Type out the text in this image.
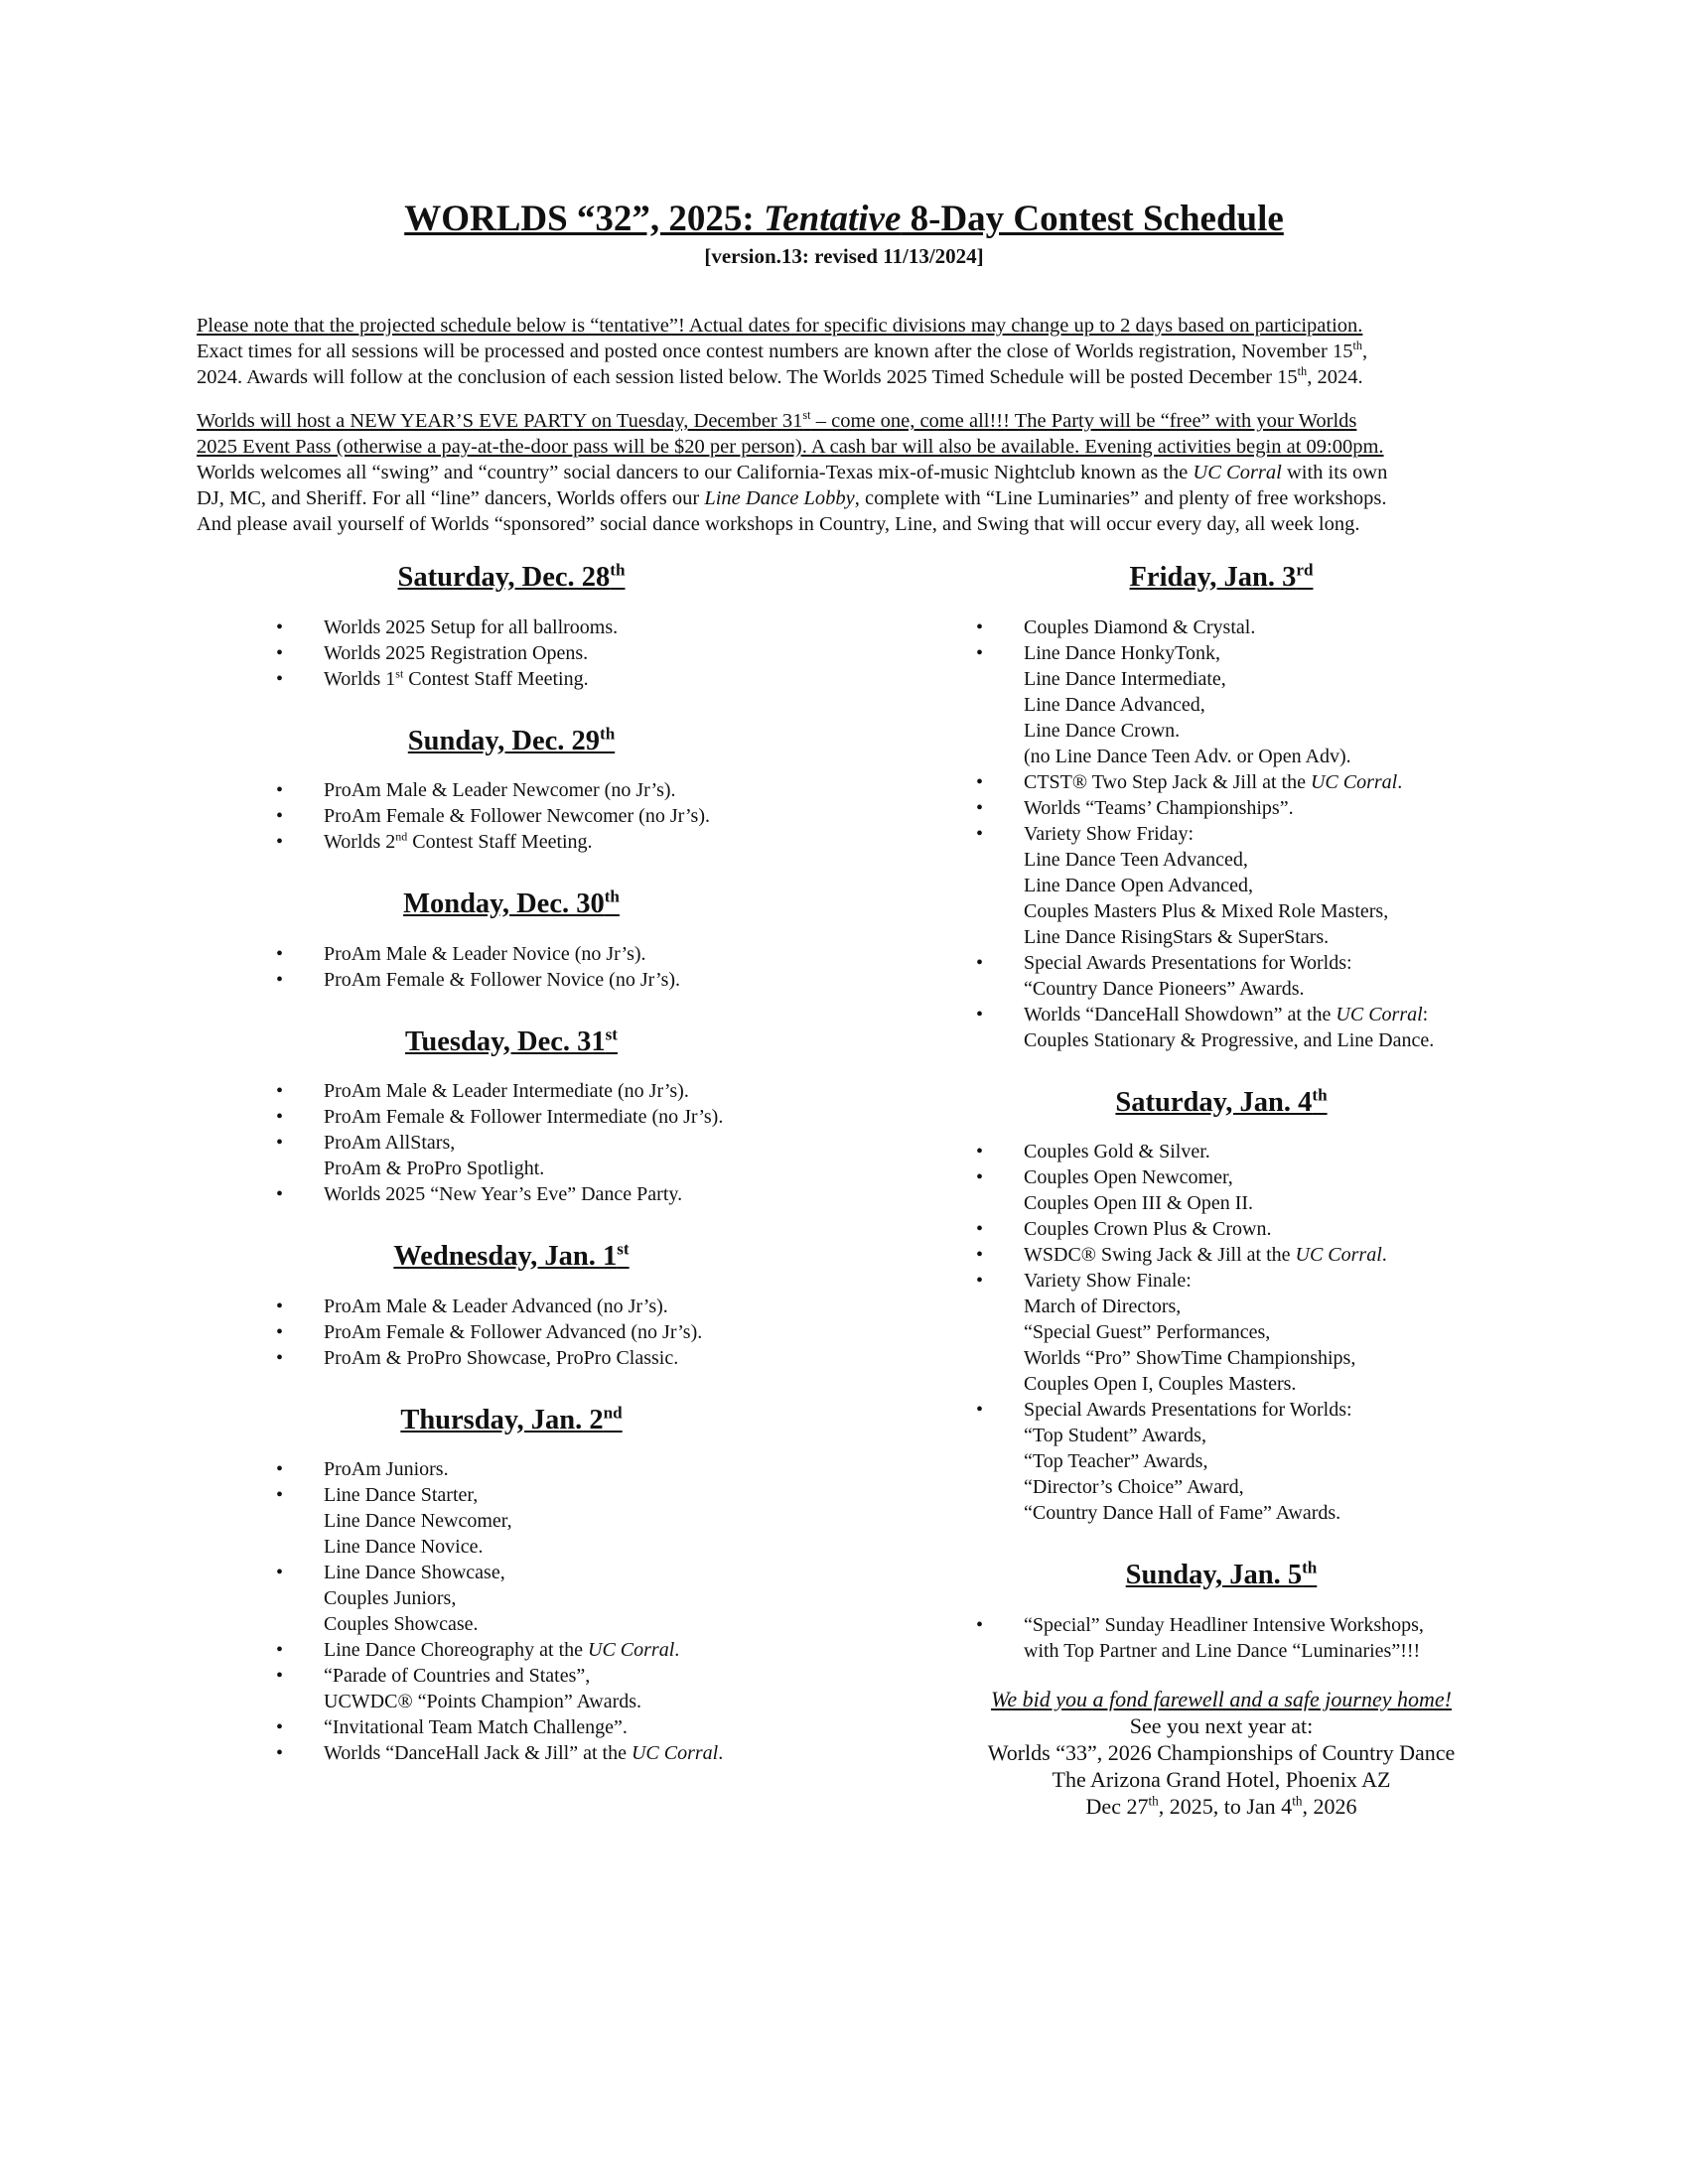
WORLDS “32”, 2025: Tentative 8-Day Contest Schedule
[version.13: revised 11/13/2024]
Please note that the projected schedule below is “tentative”! Actual dates for specific divisions may change up to 2 days based on participation.
Exact times for all sessions will be processed and posted once contest numbers are known after the close of Worlds registration, November 15th,
2024. Awards will follow at the conclusion of each session listed below. The Worlds 2025 Timed Schedule will be posted December 15th, 2024.
Worlds will host a NEW YEAR’S EVE PARTY on Tuesday, December 31st – come one, come all!!! The Party will be “free” with your Worlds
2025 Event Pass (otherwise a pay-at-the-door pass will be $20 per person). A cash bar will also be available. Evening activities begin at 09:00pm.
Worlds welcomes all “swing” and “country” social dancers to our California-Texas mix-of-music Nightclub known as the UC Corral with its own
DJ, MC, and Sheriff. For all “line” dancers, Worlds offers our Line Dance Lobby, complete with “Line Luminaries” and plenty of free workshops.
And please avail yourself of Worlds “sponsored” social dance workshops in Country, Line, and Swing that will occur every day, all week long.
Saturday, Dec. 28th
• Worlds 2025 Setup for all ballrooms.
• Worlds 2025 Registration Opens.
• Worlds 1st Contest Staff Meeting.
Sunday, Dec. 29th
• ProAm Male & Leader Newcomer (no Jr’s).
• ProAm Female & Follower Newcomer (no Jr’s).
• Worlds 2nd Contest Staff Meeting.
Monday, Dec. 30th
• ProAm Male & Leader Novice (no Jr’s).
• ProAm Female & Follower Novice (no Jr’s).
Tuesday, Dec. 31st
• ProAm Male & Leader Intermediate (no Jr’s).
• ProAm Female & Follower Intermediate (no Jr’s).
• ProAm AllStars,
ProAm & ProPro Spotlight.
• Worlds 2025 “New Year’s Eve” Dance Party.
Wednesday, Jan. 1st
• ProAm Male & Leader Advanced (no Jr’s).
• ProAm Female & Follower Advanced (no Jr’s).
• ProAm & ProPro Showcase, ProPro Classic.
Thursday, Jan. 2nd
• ProAm Juniors.
• Line Dance Starter,
Line Dance Newcomer,
Line Dance Novice.
• Line Dance Showcase,
Couples Juniors,
Couples Showcase.
• Line Dance Choreography at the UC Corral.
• “Parade of Countries and States”,
UCWDC® “Points Champion” Awards.
• “Invitational Team Match Challenge”.
• Worlds “DanceHall Jack & Jill” at the UC Corral.
Friday, Jan. 3rd
• Couples Diamond & Crystal.
• Line Dance HonkyTonk,
Line Dance Intermediate,
Line Dance Advanced,
Line Dance Crown.
(no Line Dance Teen Adv. or Open Adv).
• CTST® Two Step Jack & Jill at the UC Corral.
• Worlds “Teams’ Championships”.
• Variety Show Friday:
Line Dance Teen Advanced,
Line Dance Open Advanced,
Couples Masters Plus & Mixed Role Masters,
Line Dance RisingStars & SuperStars.
• Special Awards Presentations for Worlds:
“Country Dance Pioneers” Awards.
• Worlds “DanceHall Showdown” at the UC Corral:
Couples Stationary & Progressive, and Line Dance.
Saturday, Jan. 4th
• Couples Gold & Silver.
• Couples Open Newcomer,
Couples Open III & Open II.
• Couples Crown Plus & Crown.
• WSDC® Swing Jack & Jill at the UC Corral.
• Variety Show Finale:
March of Directors,
“Special Guest” Performances,
Worlds “Pro” ShowTime Championships,
Couples Open I, Couples Masters.
• Special Awards Presentations for Worlds:
“Top Student” Awards,
“Top Teacher” Awards,
“Director’s Choice” Award,
“Country Dance Hall of Fame” Awards.
Sunday, Jan. 5th
• “Special” Sunday Headliner Intensive Workshops,
with Top Partner and Line Dance “Luminaries”!!!
We bid you a fond farewell and a safe journey home!
See you next year at:
Worlds “33”, 2026 Championships of Country Dance
The Arizona Grand Hotel, Phoenix AZ
Dec 27th, 2025, to Jan 4th, 2026
